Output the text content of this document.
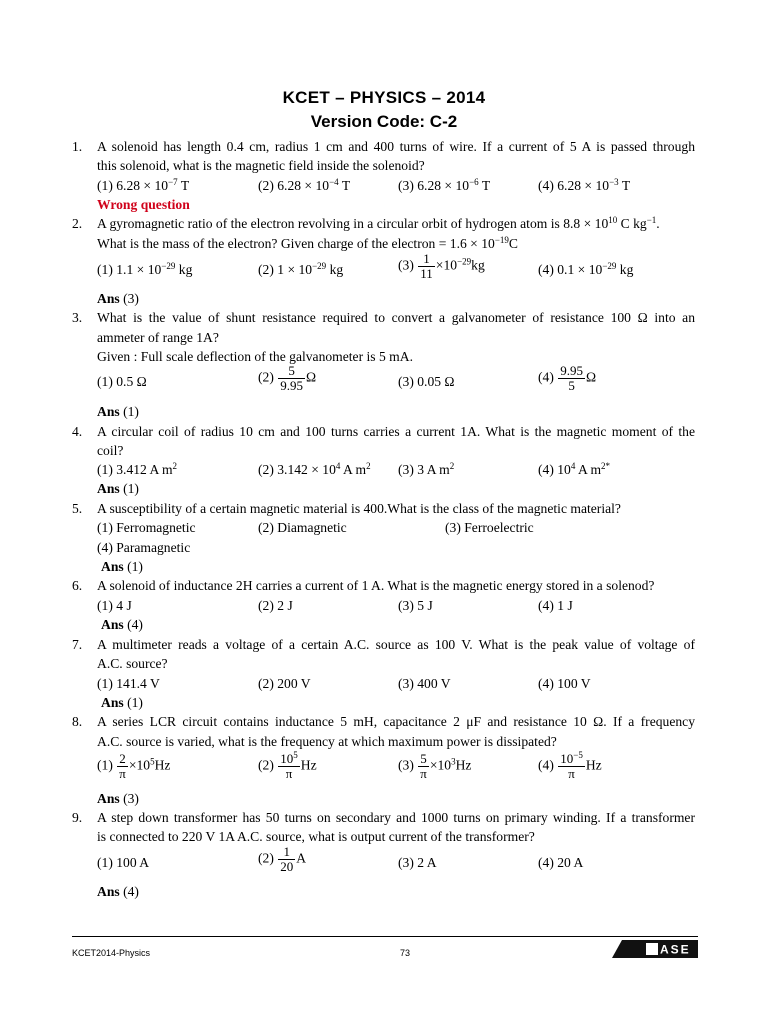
KCET – PHYSICS – 2014
Version Code: C-2
1. A solenoid has length 0.4 cm, radius 1 cm and 400 turns of wire. If a current of 5 A is passed through
this solenoid, what is the magnetic field inside the solenoid?
(1) $6.28 \times 10^{-7}$ T	(2) $6.28 \times 10^{-4}$ T	(3) $6.28 \times 10^{-6}$ T	(4) $6.28 \times 10^{-3}$ T
Wrong question
2. A gyromagnetic ratio of the electron revolving in a circular orbit of hydrogen atom is $8.8 \times 10^{10}$ C $kg^{-1}$.
What is the mass of the electron? Given charge of the electron = $1.6 \times 10^{-19}C$
(1) $1.1 \times 10^{-29}$ kg	(2) $1 \times 10^{-29}$ kg	$(3) \frac{1}{11} \times 10^{-29}kg$	(4) $0.1 \times 10^{-29}$ kg
Ans (3)
3. What is the value of shunt resistance required to convert a galvanometer of resistance 100 Ω into an
ammeter of range 1A?
Given : Full scale deflection of the galvanometer is 5 mA.
(1) 0.5 Ω	$(2) \frac{5}{9.95}$ Ω	(3) 0.05 Ω	$(4) \frac{9.95}{5}$ Ω
Ans (1)
4. A circular coil of radius 10 cm and 100 turns carries a current 1A. What is the magnetic moment of the
coil?
(1) 3.412 A $m^2$	(2) $3.142 \times 10^4$ A $m^2$ (3) 3 A $m^2$	(4) $10^4$ A $m^{2*}$
Ans (1)
5. A susceptibility of a certain magnetic material is 400.What is the class of the magnetic material?
(1) Ferromagnetic	(2) Diamagnetic	(3) Ferroelectric
(4) Paramagnetic
Ans (1)
6. A solenoid of inductance 2H carries a current of 1 A. What is the magnetic energy stored in a solenod?
(1) 4 J	(2) 2 J	(3) 5 J	(4) 1 J
Ans (4)
7. A multimeter reads a voltage of a certain A.C. source as 100 V. What is the peak value of voltage of
A.C. source?
(1) 141.4 V	(2) 200 V	(3) 400 V	(4) 100 V
Ans (1)
8. A series LCR circuit contains inductance 5 mH, capacitance 2 μF and resistance 10 Ω. If a frequency
A.C. source is varied, what is the frequency at which maximum power is dissipated?
$(1) \frac{2}{\pi} \times 10^5Hz$	$(2) \frac{10^5}{\pi}$ Hz	$(3) \frac{5}{\pi} \times 10^3Hz$	$(4) \frac{10^{-5}}{\pi}$ Hz
Ans (3)
9. A step down transformer has 50 turns on secondary and 1000 turns on primary winding. If a transformer
is connected to 220 V 1A A.C. source, what is output current of the transformer?
(1) 100 A	$(2) \frac{1}{20}$ A	(3) 2 A	(4) 20 A
Ans (4)
KCET2014-Physics	73	BASE
